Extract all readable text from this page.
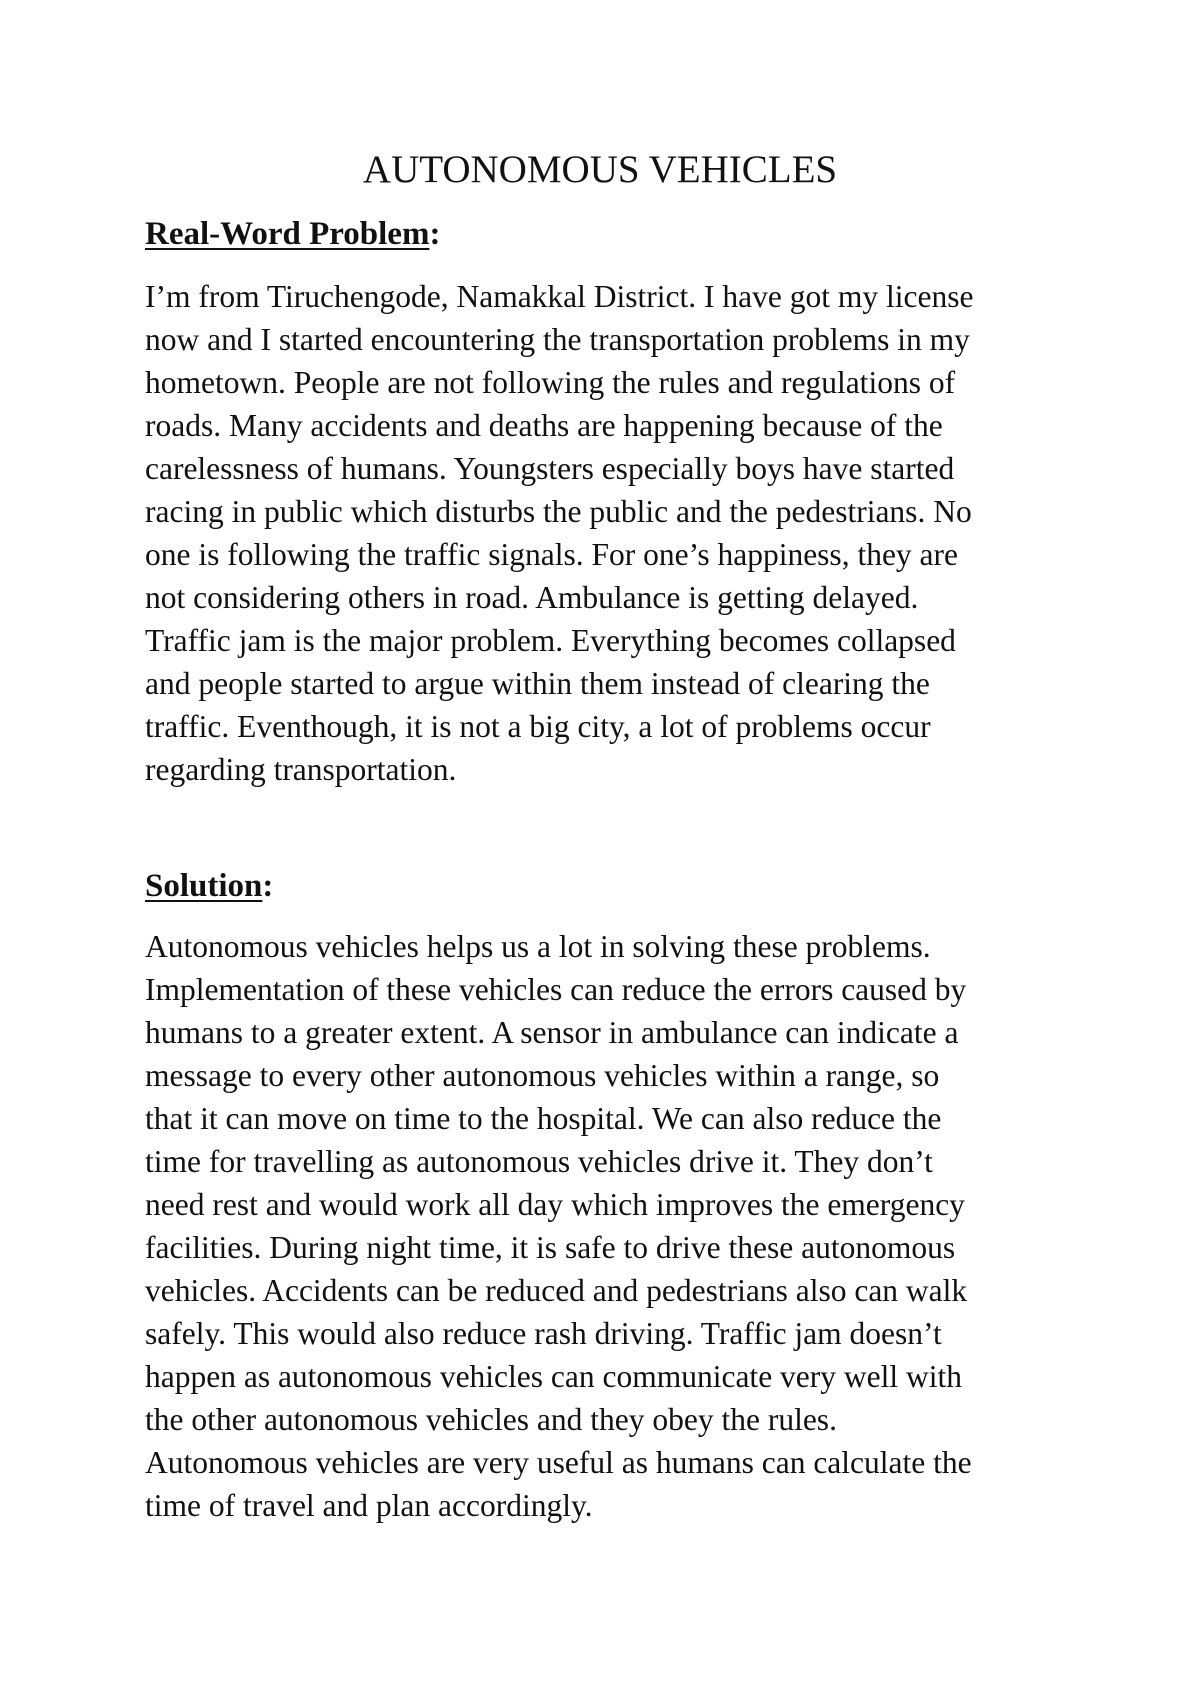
AUTONOMOUS VEHICLES
Real-Word Problem:

I’m from Tiruchengode, Namakkal District. I have got my license
now and I started encountering the transportation problems in my
hometown. People are not following the rules and regulations of
roads. Many accidents and deaths are happening because of the
carelessness of humans. Youngsters especially boys have started
racing in public which disturbs the public and the pedestrians. No
one is following the traffic signals. For one’s happiness, they are
not considering others in road. Ambulance is getting delayed.
Traffic jam is the major problem. Everything becomes collapsed
and people started to argue within them instead of clearing the
traffic. Eventhough, it is not a big city, a lot of problems occur
regarding transportation.

Solution:

Autonomous vehicles helps us a lot in solving these problems.
Implementation of these vehicles can reduce the errors caused by
humans to a greater extent. A sensor in ambulance can indicate a
message to every other autonomous vehicles within a range, so
that it can move on time to the hospital. We can also reduce the
time for travelling as autonomous vehicles drive it. They don’t
need rest and would work all day which improves the emergency
facilities. During night time, it is safe to drive these autonomous
vehicles. Accidents can be reduced and pedestrians also can walk
safely. This would also reduce rash driving. Traffic jam doesn’t
happen as autonomous vehicles can communicate very well with
the other autonomous vehicles and they obey the rules.
Autonomous vehicles are very useful as humans can calculate the
time of travel and plan accordingly.
